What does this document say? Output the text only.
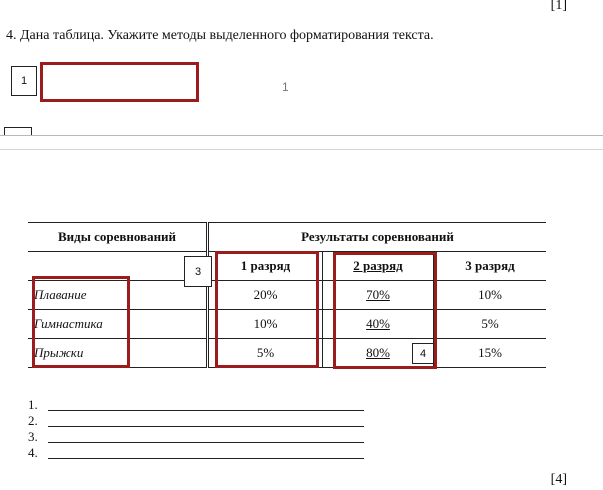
[1]
4. Дана таблица. Укажите методы выделенного форматирования текста.
1	1
Виды соревнований	Результаты соревнований		
	1 разряд	2 разряд	3 разряд
Плавание	20%	70%	10%
Гимнастика	10%	40%	5%
Прыжки	5%	80%	15%
3
4
1.
2.
3.
4.
[4]
